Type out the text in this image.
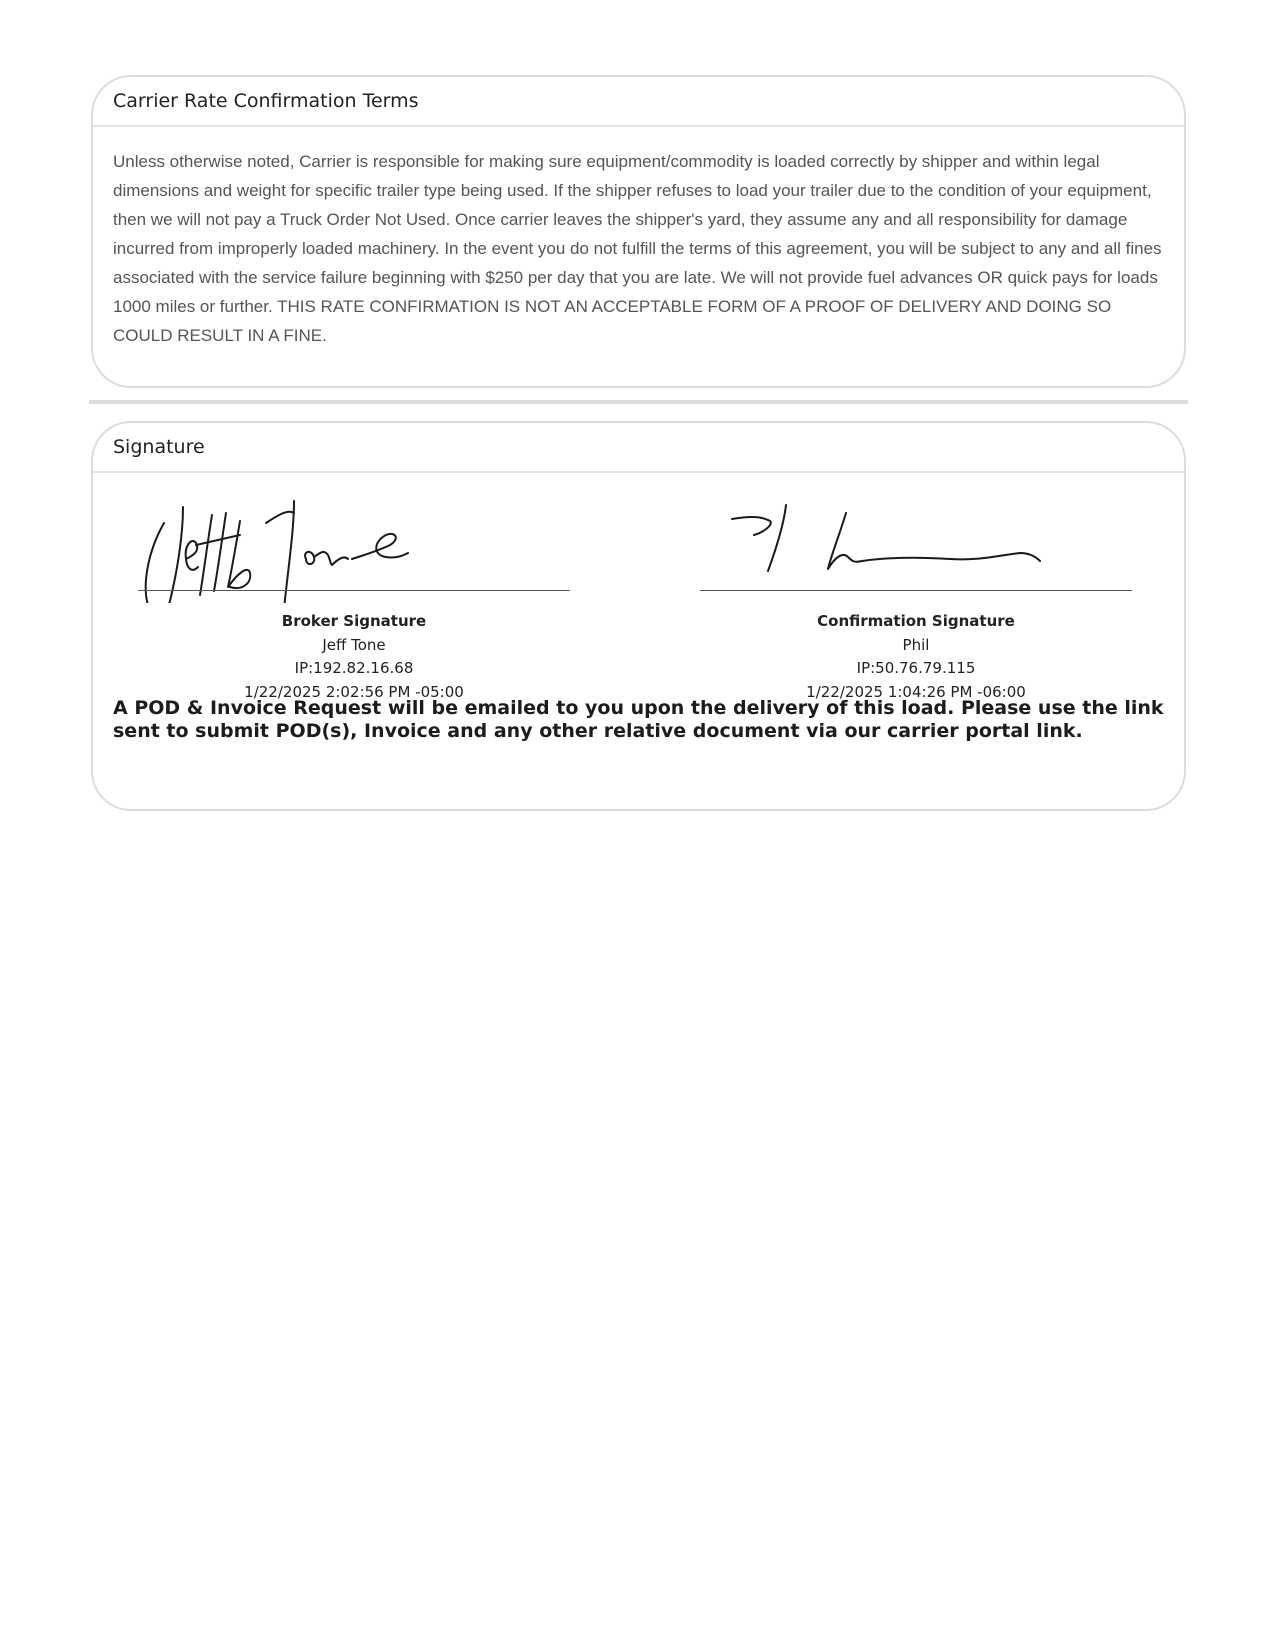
Carrier Rate Confirmation Terms
Unless otherwise noted, Carrier is responsible for making sure equipment/commodity is loaded correctly by shipper and within legal dimensions and weight for specific trailer type being used. If the shipper refuses to load your trailer due to the condition of your equipment, then we will not pay a Truck Order Not Used. Once carrier leaves the shipper's yard, they assume any and all responsibility for damage incurred from improperly loaded machinery. In the event you do not fulfill the terms of this agreement, you will be subject to any and all fines associated with the service failure beginning with $250 per day that you are late. We will not provide fuel advances OR quick pays for loads 1000 miles or further. THIS RATE CONFIRMATION IS NOT AN ACCEPTABLE FORM OF A PROOF OF DELIVERY AND DOING SO COULD RESULT IN A FINE.
Signature
Broker Signature
Jeff Tone
IP:192.82.16.68
1/22/2025 2:02:56 PM -05:00
Confirmation Signature
Phil
IP:50.76.79.115
1/22/2025 1:04:26 PM -06:00
A POD & Invoice Request will be emailed to you upon the delivery of this load. Please use the link sent to submit POD(s), Invoice and any other relative document via our carrier portal link.
